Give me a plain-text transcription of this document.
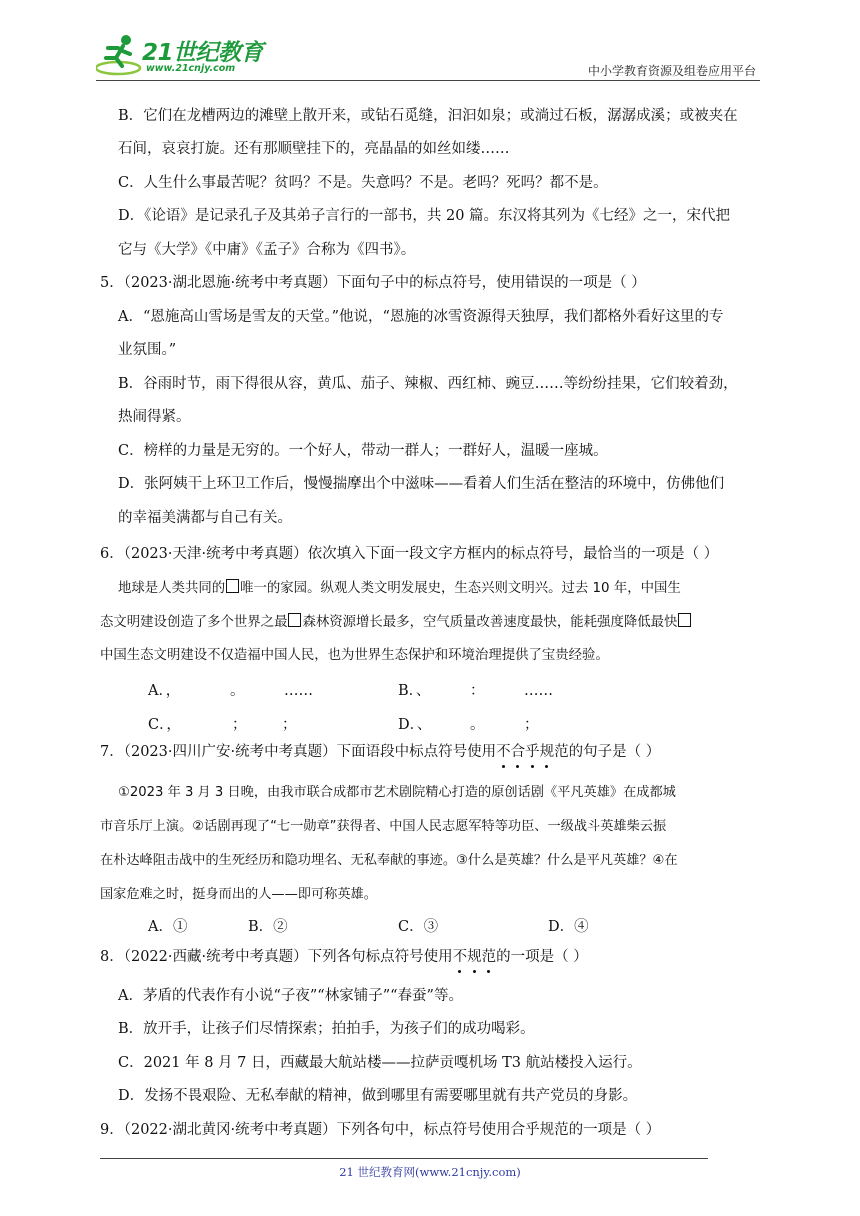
21世纪教育
www.21cnjy.com	中小学教育资源及组卷应用平台
B．它们在龙槽两边的滩壁上散开来，或钻石觅缝，汩汩如泉；或淌过石板，潺潺成溪；或被夹在
石间，哀哀打旋。还有那顺壁挂下的，亮晶晶的如丝如缕……
C．人生什么事最苦呢？贫吗？不是。失意吗？不是。老吗？死吗？都不是。
D．《论语》是记录孔子及其弟子言行的一部书，共 20 篇。东汉将其列为《七经》之一，宋代把
它与《大学》《中庸》《孟子》合称为《四书》。
5．（2023·湖北恩施·统考中考真题）下面句子中的标点符号，使用错误的一项是（ ）
A．“恩施高山雪场是雪友的天堂。”他说，“恩施的冰雪资源得天独厚，我们都格外看好这里的专
业氛围。”
B．谷雨时节，雨下得很从容，黄瓜、茄子、辣椒、西红柿、豌豆……等纷纷挂果，它们较着劲，
热闹得紧。
C．榜样的力量是无穷的。一个好人，带动一群人；一群好人，温暖一座城。
D．张阿姨干上环卫工作后，慢慢揣摩出个中滋味——看着人们生活在整洁的环境中，仿佛他们
的幸福美满都与自己有关。
6．（2023·天津·统考中考真题）依次填入下面一段文字方框内的标点符号，最恰当的一项是（ ）
地球是人类共同的 唯一的家园。纵观人类文明发展史，生态兴则文明兴。过去 10 年，中国生
态文明建设创造了多个世界之最 森林资源增长最多，空气质量改善速度最快，能耗强度降低最快
中国生态文明建设不仅造福中国人民，也为世界生态保护和环境治理提供了宝贵经验。
A．，	。	……	B．、	：	……
C．，	； ；	D．、	。	；
7．（2023·四川广安·统考中考真题）下面语段中标点符号使用不合乎规范的句子是（ ）
①2023 年 3 月 3 日晚，由我市联合成都市艺术剧院精心打造的原创话剧《平凡英雄》在成都城
市音乐厅上演。②话剧再现了“七一勋章”获得者、中国人民志愿军特等功臣、一级战斗英雄柴云振
在朴达峰阻击战中的生死经历和隐功埋名、无私奉献的事迹。③什么是英雄？什么是平凡英雄？④在
国家危难之时，挺身而出的人——即可称英雄。
A．①	B．②	C．③	D．④
8．（2022·西藏·统考中考真题）下列各句标点符号使用不规范的一项是（ ）
A．茅盾的代表作有小说“子夜”“林家铺子”“春蚕”等。
B．放开手，让孩子们尽情探索；拍拍手，为孩子们的成功喝彩。
C．2021 年 8 月 7 日，西藏最大航站楼——拉萨贡嘎机场 T3 航站楼投入运行。
D．发扬不畏艰险、无私奉献的精神，做到哪里有需要哪里就有共产党员的身影。
9．（2022·湖北黄冈·统考中考真题）下列各句中，标点符号使用合乎规范的一项是（ ）
21 世纪教育网(www.21cnjy.com)
